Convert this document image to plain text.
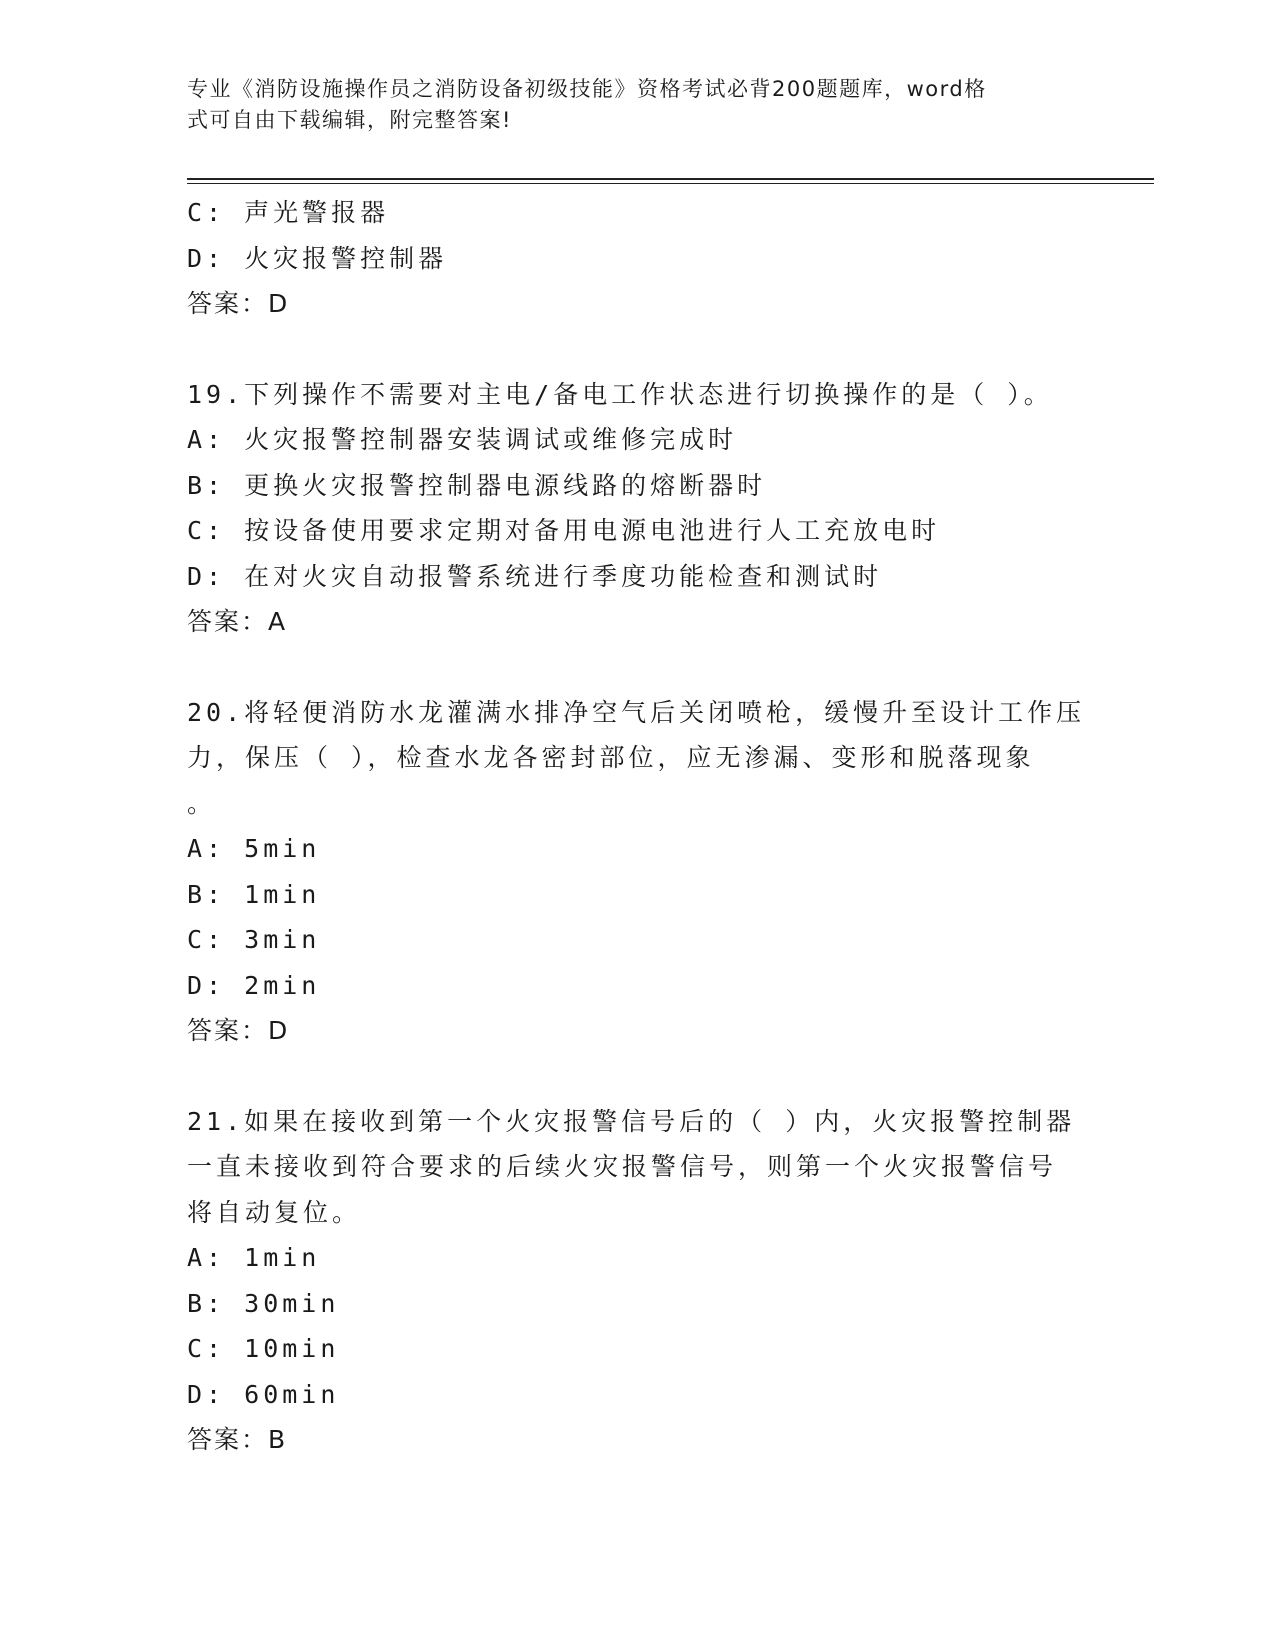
专业《消防设施操作员之消防设备初级技能》资格考试必背200题题库，word格
式可自由下载编辑，附完整答案!
C: 声光警报器
D: 火灾报警控制器
答案：D
19.下列操作不需要对主电/备电工作状态进行切换操作的是（ ）。
A: 火灾报警控制器安装调试或维修完成时
B: 更换火灾报警控制器电源线路的熔断器时
C: 按设备使用要求定期对备用电源电池进行人工充放电时
D: 在对火灾自动报警系统进行季度功能检查和测试时
答案：A
20.将轻便消防水龙灌满水排净空气后关闭喷枪，缓慢升至设计工作压
力，保压（ ），检查水龙各密封部位，应无渗漏、变形和脱落现象
。
A: 5min
B: 1min
C: 3min
D: 2min
答案：D
21.如果在接收到第一个火灾报警信号后的（ ）内，火灾报警控制器
一直未接收到符合要求的后续火灾报警信号，则第一个火灾报警信号
将自动复位。
A: 1min
B: 30min
C: 10min
D: 60min
答案：B
